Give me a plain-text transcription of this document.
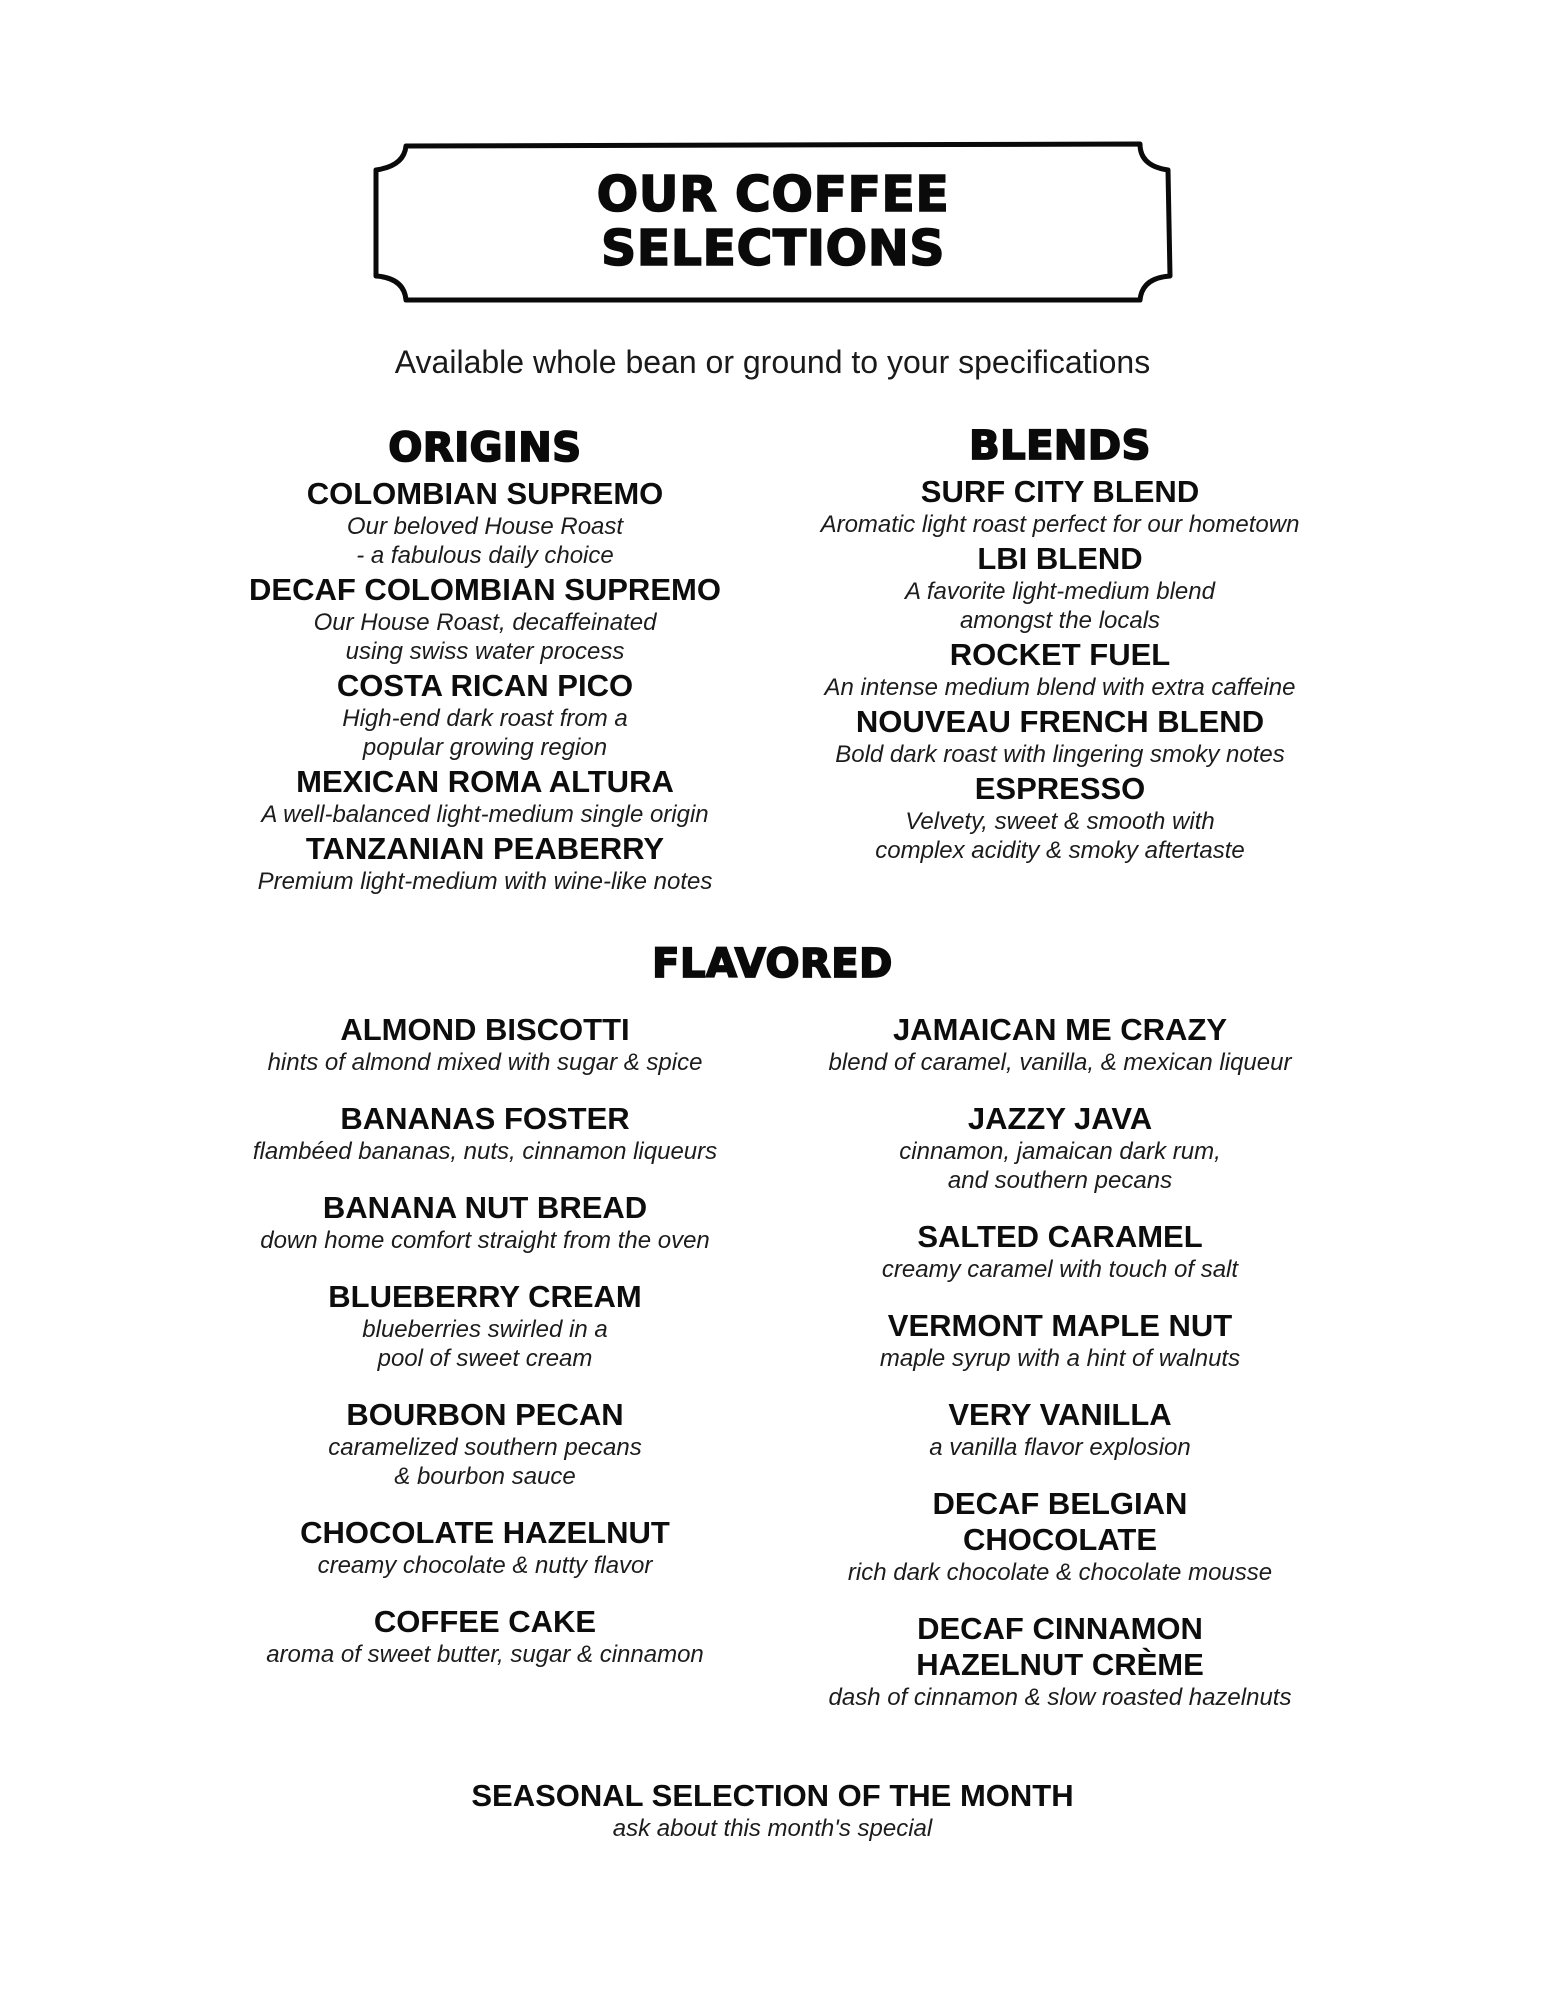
OUR COFFEE
SELECTIONS
Available whole bean or ground to your specifications
ORIGINS
COLOMBIAN SUPREMO
Our beloved House Roast
- a fabulous daily choice
DECAF COLOMBIAN SUPREMO
Our House Roast, decaffeinated
using swiss water process
COSTA RICAN PICO
High-end dark roast from a
popular growing region
MEXICAN ROMA ALTURA
A well-balanced light-medium single origin
TANZANIAN PEABERRY
Premium light-medium with wine-like notes
BLENDS
SURF CITY BLEND
Aromatic light roast perfect for our hometown
LBI BLEND
A favorite light-medium blend
amongst the locals
ROCKET FUEL
An intense medium blend with extra caffeine
NOUVEAU FRENCH BLEND
Bold dark roast with lingering smoky notes
ESPRESSO
Velvety, sweet & smooth with
complex acidity & smoky aftertaste
FLAVORED
ALMOND BISCOTTI
hints of almond mixed with sugar & spice
BANANAS FOSTER
flambéed bananas, nuts, cinnamon liqueurs
BANANA NUT BREAD
down home comfort straight from the oven
BLUEBERRY CREAM
blueberries swirled in a
pool of sweet cream
BOURBON PECAN
caramelized southern pecans
& bourbon sauce
CHOCOLATE HAZELNUT
creamy chocolate & nutty flavor
COFFEE CAKE
aroma of sweet butter, sugar & cinnamon
JAMAICAN ME CRAZY
blend of caramel, vanilla, & mexican liqueur
JAZZY JAVA
cinnamon, jamaican dark rum,
and southern pecans
SALTED CARAMEL
creamy caramel with touch of salt
VERMONT MAPLE NUT
maple syrup with a hint of walnuts
VERY VANILLA
a vanilla flavor explosion
DECAF BELGIAN
CHOCOLATE
rich dark chocolate & chocolate mousse
DECAF CINNAMON
HAZELNUT CRÈME
dash of cinnamon & slow roasted hazelnuts
SEASONAL SELECTION OF THE MONTH
ask about this month's special
